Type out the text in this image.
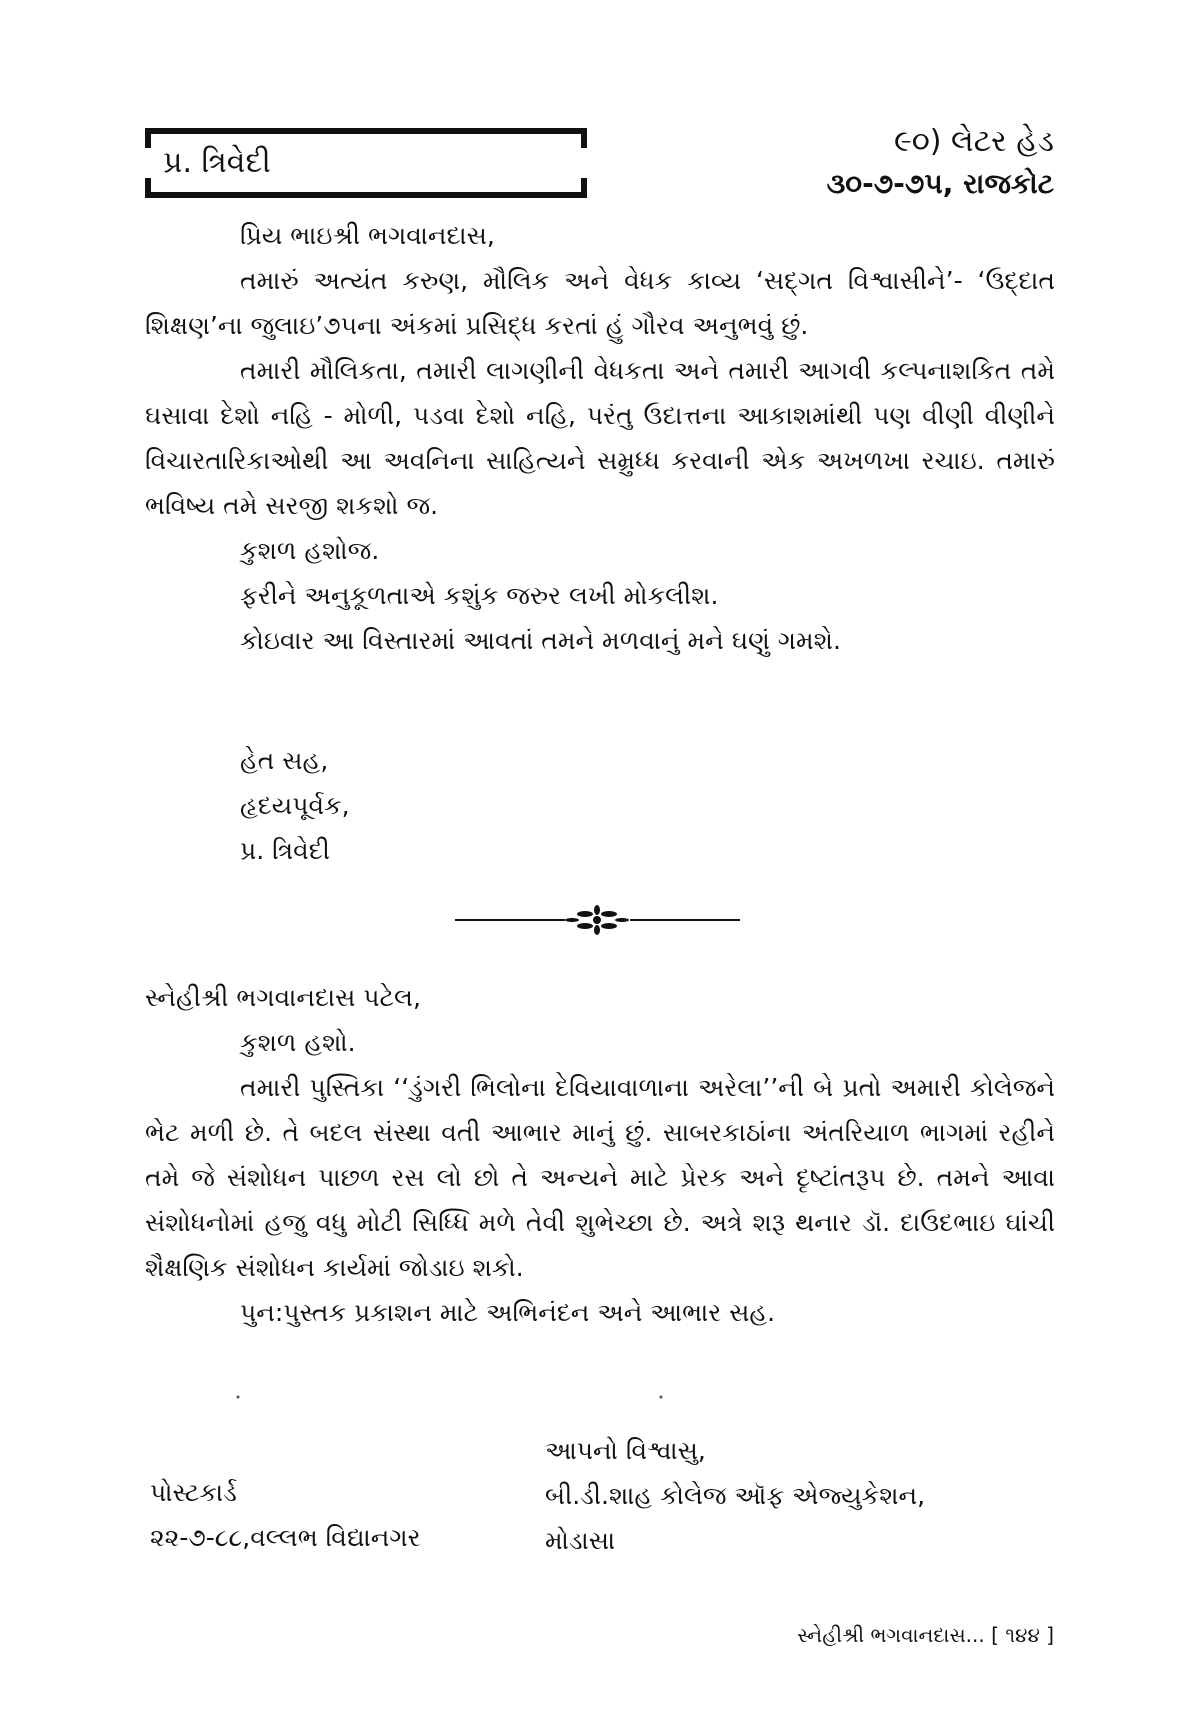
પ્ર. ત્રિવેદી
૯૦) લેટર હેડ
૩૦-૭-૭૫, રાજકોટ
પ્રિય ભાઇશ્રી ભગવાનદાસ,

તમારું અત્યંત કરુણ, મૌલિક અને વેધક કાવ્ય ‘સદ્‌ગત વિશ્વાસીને’- ‘ઉદ્દાત શિક્ષણ’ના જુલાઇ’૭૫ના અંકમાં પ્રસિદ્ધ કરતાં હું ગૌરવ અનુભવું છું.

તમારી મૌલિકતા, તમારી લાગણીની વેધકતા અને તમારી આગવી કલ્પનાશકિત તમે ઘસાવા દેશો નહિ - મોળી, પડવા દેશો નહિ, પરંતુ ઉદાત્તના આકાશમાંથી પણ વીણી વીણીને વિચારતારિકાઓથી આ અવનિના સાહિત્યને સમ્રુધ્ધ કરવાની એક અખળખા રચાઇ. તમારું ભવિષ્ય તમે સરજી શકશો જ.

કુશળ હશોજ.
ફરીને અનુકૂળતાએ કશુંક જરુર લખી મોકલીશ.
કોઇવાર આ વિસ્તારમાં આવતાં તમને મળવાનું મને ઘણું ગમશે.
હેત સહ,
હૃદયપૂર્વક,
પ્ર. ત્રિવેદી
સ્નેહીશ્રી ભગવાનદાસ પટેલ,
કુશળ હશો.

તમારી પુસ્તિકા ‘‘ડુંગરી ભિલોના દેવિયાવાળાના અરેલા’’ની બે પ્રતો અમારી કોલેજને ભેટ મળી છે. તે બદલ સંસ્થા વતી આભાર માનું છું. સાબરકાઠાંના અંતરિયાળ ભાગમાં રહીને તમે જે સંશોધન પાછળ રસ લો છો તે અન્યને માટે પ્રેરક અને દૃષ્ટાંતરૂપ છે. તમને આવા સંશોધનોમાં હજુ વધુ મોટી સિધ્ધિ મળે તેવી શુભેચ્છા છે. અત્રે શરૂ થનાર ડૉ. દાઉદભાઇ ઘાંચી શૈક્ષણિક સંશોધન કાર્યમાં જોડાઇ શકો.

પુન:પુસ્તક પ્રકાશન માટે અભિનંદન અને આભાર સહ.
પોસ્ટકાર્ડ
૨૨-૭-૮૮,વલ્લભ વિદ્યાનગર
આપનો વિશ્વાસુ,
બી.ડી.શાહ કોલેજ ઑફ એજ્યુકેશન,
મોડાસા
સ્નેહીશ્રી ભગવાનદાસ... [ ૧૪૪ ]
